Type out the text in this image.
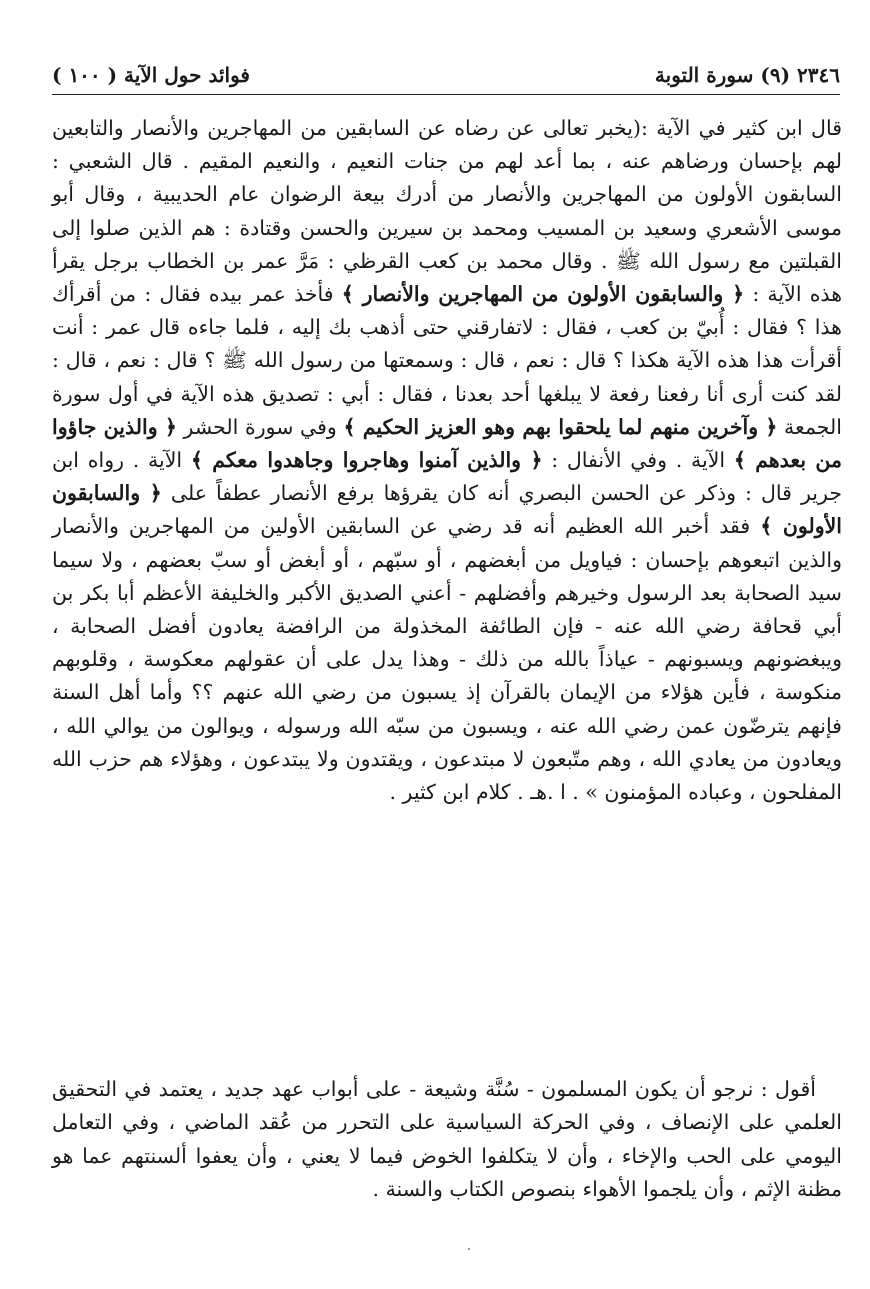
٢٣٤٦ (٩) سورة التوبة
فوائد حول الآية ( ١٠٠ )

قال ابن كثير في الآية :(يخبر تعالى عن رضاه عن السابقين من المهاجرين والأنصار والتابعين لهم بإحسان ورضاهم عنه ، بما أعد لهم من جنات النعيم ، والنعيم المقيم . قال الشعبي : السابقون الأولون من المهاجرين والأنصار من أدرك بيعة الرضوان عام الحديبية ، وقال أبو موسى الأشعري وسعيد بن المسيب ومحمد بن سيرين والحسن وقتادة : هم الذين صلوا إلى القبلتين مع رسول الله ﷺ . وقال محمد بن كعب القرظي : مَرَّ عمر بن الخطاب برجل يقرأ هذه الآية : ﴿ والسابقون الأولون من المهاجرين والأنصار ﴾ فأخذ عمر بيده فقال : من أقرأك هذا ؟ فقال : أُبيّ بن كعب ، فقال : لاتفارقني حتى أذهب بك إليه ، فلما جاءه قال عمر : أنت أقرأت هذا هذه الآية هكذا ؟ قال : نعم ، قال : وسمعتها من رسول الله ﷺ ؟ قال : نعم ، قال : لقد كنت أرى أنا رفعنا رفعة لا يبلغها أحد بعدنا ، فقال : أبي : تصديق هذه الآية في أول سورة الجمعة ﴿ وآخرين منهم لما يلحقوا بهم وهو العزيز الحكيم ﴾ وفي سورة الحشر ﴿ والذين جاؤوا من بعدهم ﴾ الآية . وفي الأنفال : ﴿ والذين آمنوا وهاجروا وجاهدوا معكم ﴾ الآية . رواه ابن جرير قال : وذكر عن الحسن البصري أنه كان يقرؤها برفع الأنصار عطفاً على ﴿ والسابقون الأولون ﴾ فقد أخبر الله العظيم أنه قد رضي عن السابقين الأولين من المهاجرين والأنصار والذين اتبعوهم بإحسان : فياويل من أبغضهم ، أو سبّهم ، أو أبغض أو سبّ بعضهم ، ولا سيما سيد الصحابة بعد الرسول وخيرهم وأفضلهم - أعني الصديق الأكبر والخليفة الأعظم أبا بكر بن أبي قحافة رضي الله عنه - فإن الطائفة المخذولة من الرافضة يعادون أفضل الصحابة ، ويبغضونهم ويسبونهم - عياذاً بالله من ذلك - وهذا يدل على أن عقولهم معكوسة ، وقلوبهم منكوسة ، فأين هؤلاء من الإيمان بالقرآن إذ يسبون من رضي الله عنهم ؟؟ وأما أهل السنة فإنهم يترضّون عمن رضي الله عنه ، ويسبون من سبّه الله ورسوله ، ويوالون من يوالي الله ، ويعادون من يعادي الله ، وهم متّبعون لا مبتدعون ، ويقتدون ولا يبتدعون ، وهؤلاء هم حزب الله المفلحون ، وعباده المؤمنون » . ا .هـ . كلام ابن كثير .

أقول : نرجو أن يكون المسلمون - سُنَّة وشيعة - على أبواب عهد جديد ، يعتمد في التحقيق العلمي على الإنصاف ، وفي الحركة السياسية على التحرر من عُقد الماضي ، وفي التعامل اليومي على الحب والإخاء ، وأن لا يتكلفوا الخوض فيما لا يعني ، وأن يعفوا ألسنتهم عما هو مظنة الإثم ، وأن يلجموا الأهواء بنصوص الكتاب والسنة .
